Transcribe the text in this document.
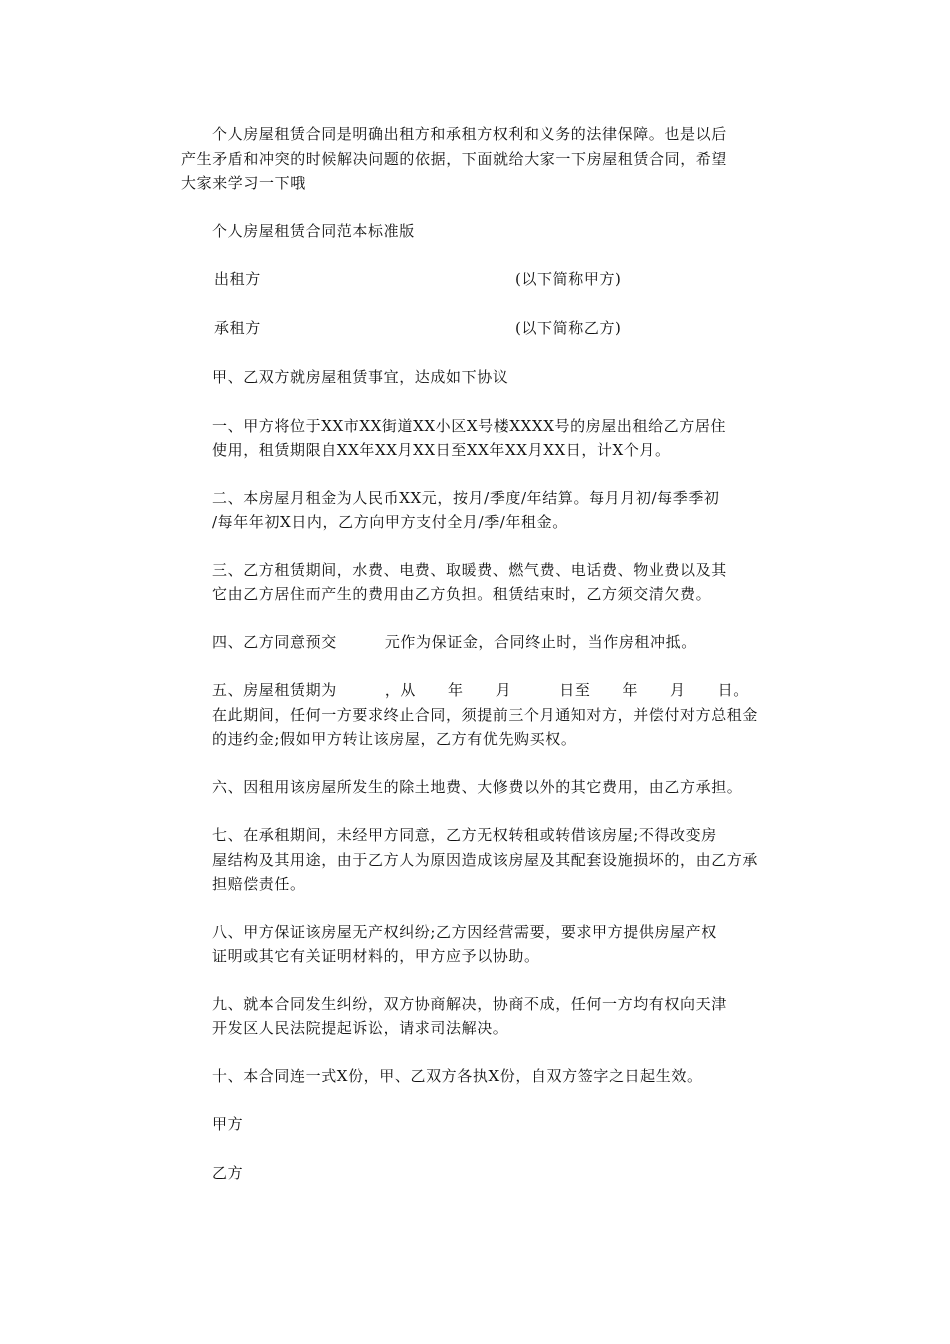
个人房屋租赁合同是明确出租方和承租方权利和义务的法律保障。也是以后
产生矛盾和冲突的时候解决问题的依据，下面就给大家一下房屋租赁合同，希望
大家来学习一下哦

个人房屋租赁合同范本标准版

出租方	(以下简称甲方)
承租方	(以下简称乙方)

甲、乙双方就房屋租赁事宜，达成如下协议

一、甲方将位于XX市XX街道XX小区X号楼XXXX号的房屋出租给乙方居住
使用，租赁期限自XX年XX月XX日至XX年XX月XX日，计X个月。

二、本房屋月租金为人民币XX元，按月/季度/年结算。每月月初/每季季初
/每年年初X日内，乙方向甲方支付全月/季/年租金。

三、乙方租赁期间，水费、电费、取暖费、燃气费、电话费、物业费以及其
它由乙方居住而产生的费用由乙方负担。租赁结束时，乙方须交清欠费。

四、乙方同意预交	元作为保证金，合同终止时，当作房租冲抵。

五、房屋租赁期为	，从 年 月	日至 年 月 日。
在此期间，任何一方要求终止合同，须提前三个月通知对方，并偿付对方总租金
的违约金;假如甲方转让该房屋，乙方有优先购买权。

六、因租用该房屋所发生的除土地费、大修费以外的其它费用，由乙方承担。

七、在承租期间，未经甲方同意，乙方无权转租或转借该房屋;不得改变房
屋结构及其用途，由于乙方人为原因造成该房屋及其配套设施损坏的，由乙方承
担赔偿责任。

八、甲方保证该房屋无产权纠纷;乙方因经营需要，要求甲方提供房屋产权
证明或其它有关证明材料的，甲方应予以协助。

九、就本合同发生纠纷，双方协商解决，协商不成，任何一方均有权向天津
开发区人民法院提起诉讼，请求司法解决。

十、本合同连一式X份，甲、乙双方各执X份，自双方签字之日起生效。

甲方

乙方
